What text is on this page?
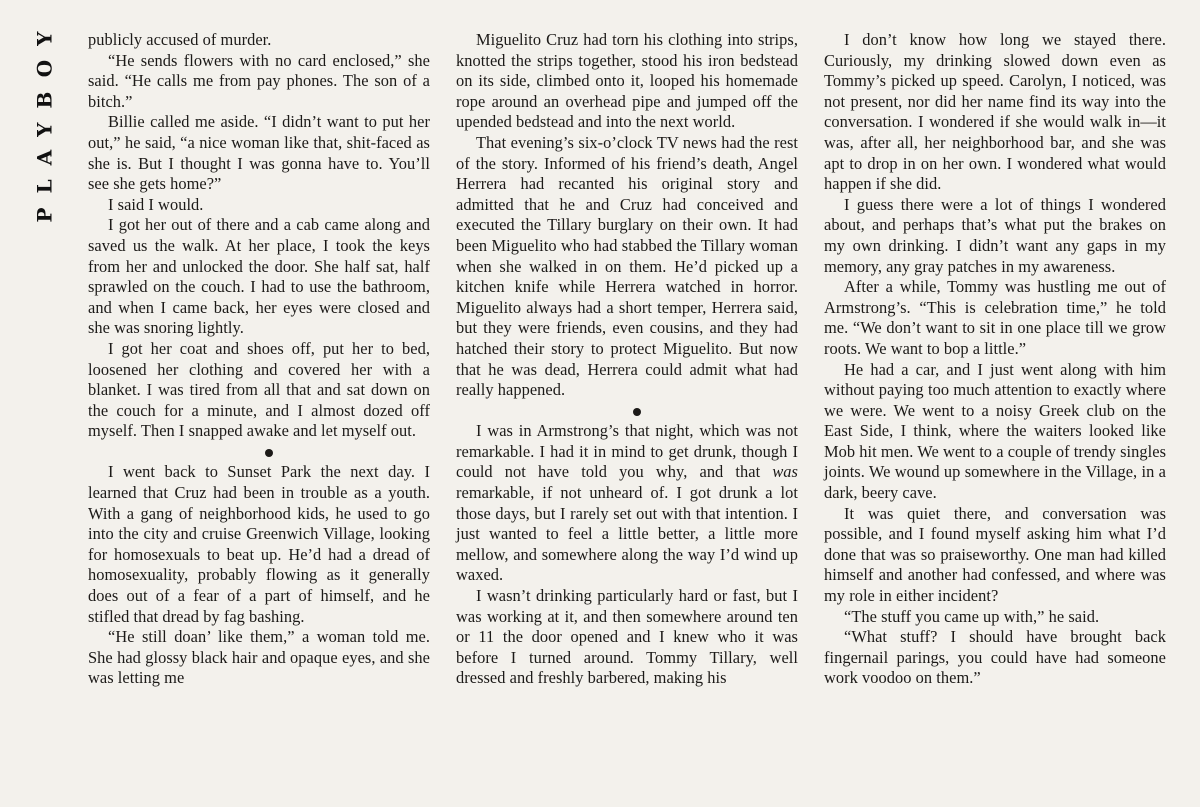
PLAYBOY publicly accused of murder.

“He sends flowers with no card enclosed,” she said. “He calls me from pay phones. The son of a bitch.”

Billie called me aside. “I didn’t want to put her out,” he said, “a nice woman like that, shit-faced as she is. But I thought I was gonna have to. You’ll see she gets home?”

I said I would.

I got her out of there and a cab came along and saved us the walk. At her place, I took the keys from her and unlocked the door. She half sat, half sprawled on the couch. I had to use the bathroom, and when I came back, her eyes were closed and she was snoring lightly.

I got her coat and shoes off, put her to bed, loosened her clothing and covered her with a blanket. I was tired from all that and sat down on the couch for a minute, and I almost dozed off myself. Then I snapped awake and let myself out.

I went back to Sunset Park the next day. I learned that Cruz had been in trouble as a youth. With a gang of neighborhood kids, he used to go into the city and cruise Greenwich Village, looking for homosexuals to beat up. He’d had a dread of homosexuality, probably flowing as it generally does out of a fear of a part of himself, and he stifled that dread by fag bashing.

“He still doan’ like them,” a woman told me. She had glossy black hair and opaque eyes, and she was letting me

Miguelito Cruz had torn his clothing into strips, knotted the strips together, stood his iron bedstead on its side, climbed onto it, looped his homemade rope around an overhead pipe and jumped off the upended bedstead and into the next world.

That evening’s six-o’clock TV news had the rest of the story. Informed of his friend’s death, Angel Herrera had recanted his original story and admitted that he and Cruz had conceived and executed the Tillary burglary on their own. It had been Miguelito who had stabbed the Tillary woman when she walked in on them. He’d picked up a kitchen knife while Herrera watched in horror. Miguelito always had a short temper, Herrera said, but they were friends, even cousins, and they had hatched their story to protect Miguelito. But now that he was dead, Herrera could admit what had really happened.

I was in Armstrong’s that night, which was not remarkable. I had it in mind to get drunk, though I could not have told you why, and that was remarkable, if not unheard of. I got drunk a lot those days, but I rarely set out with that intention. I just wanted to feel a little better, a little more mellow, and somewhere along the way I’d wind up waxed.

I wasn’t drinking particularly hard or fast, but I was working at it, and then somewhere around ten or 11 the door opened and I knew who it was before I turned around. Tommy Tillary, well dressed and freshly barbered, making his

I don’t know how long we stayed there. Curiously, my drinking slowed down even as Tommy’s picked up speed. Carolyn, I noticed, was not present, nor did her name find its way into the conversation. I wondered if she would walk in—it was, after all, her neighborhood bar, and she was apt to drop in on her own. I wondered what would happen if she did.

I guess there were a lot of things I wondered about, and perhaps that’s what put the brakes on my own drinking. I didn’t want any gaps in my memory, any gray patches in my awareness.

After a while, Tommy was hustling me out of Armstrong’s. “This is celebration time,” he told me. “We don’t want to sit in one place till we grow roots. We want to bop a little.”

He had a car, and I just went along with him without paying too much attention to exactly where we were. We went to a noisy Greek club on the East Side, I think, where the waiters looked like Mob hit men. We went to a couple of trendy singles joints. We wound up somewhere in the Village, in a dark, beery cave.

It was quiet there, and conversation was possible, and I found myself asking him what I’d done that was so praiseworthy. One man had killed himself and another had confessed, and where was my role in either incident?

“The stuff you came up with,” he said.

“What stuff? I should have brought back fingernail parings, you could have had someone work voodoo on them.”
